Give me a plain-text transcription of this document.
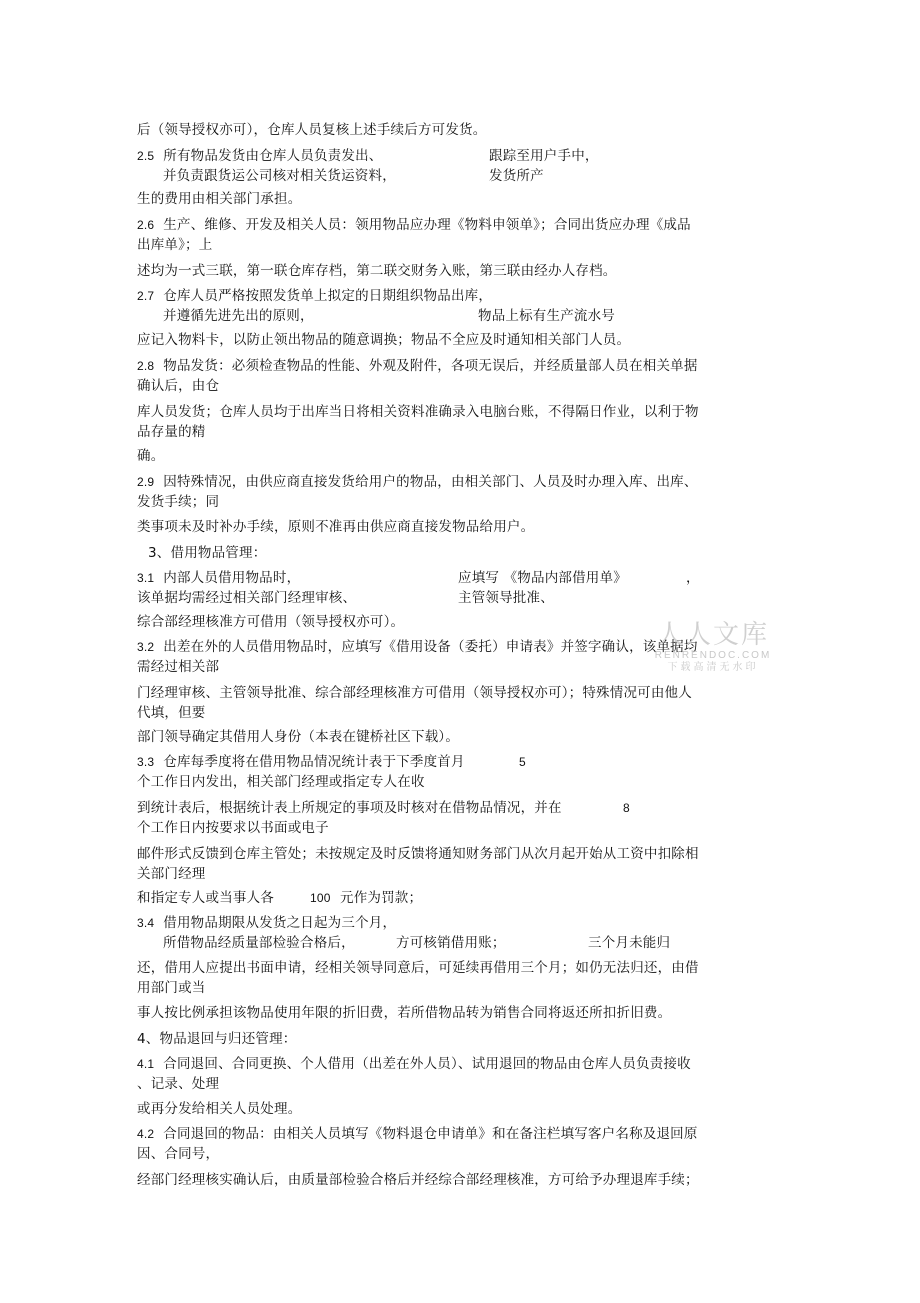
后（领导授权亦可），仓库人员复核上述手续后方可发货。
2.5 所有物品发货由仓库人员负责发出、	跟踪至用户手中，
并负责跟货运公司核对相关货运资料，	发货所产
生的费用由相关部门承担。
2.6 生产、维修、开发及相关人员：领用物品应办理《物料申领单》；合同出货应办理《成品
出库单》；上
述均为一式三联，第一联仓库存档，第二联交财务入账，第三联由经办人存档。
2.7 仓库人员严格按照发货单上拟定的日期组织物品出库，
并遵循先进先出的原则，	物品上标有生产流水号
应记入物料卡，以防止领出物品的随意调换；物品不全应及时通知相关部门人员。
2.8 物品发货：必须检查物品的性能、外观及附件，各项无误后，并经质量部人员在相关单据
确认后，由仓
库人员发货；仓库人员均于出库当日将相关资料准确录入电脑台账，不得隔日作业，以利于物
品存量的精
确。
2.9 因特殊情况，由供应商直接发货给用户的物品，由相关部门、人员及时办理入库、出库、
发货手续；同
类事项未及时补办手续，原则不准再由供应商直接发物品给用户。
3、借用物品管理：
3.1 内部人员借用物品时，	应填写 《物品内部借用单》	，
该单据均需经过相关部门经理审核、	主管领导批准、
综合部经理核准方可借用（领导授权亦可）。
3.2 出差在外的人员借用物品时，应填写《借用设备（委托）申请表》并签字确认，该单据均
需经过相关部
门经理审核、主管领导批准、综合部经理核准方可借用（领导授权亦可）；特殊情况可由他人
代填，但要
部门领导确定其借用人身份（本表在键桥社区下载）。
3.3 仓库每季度将在借用物品情况统计表于下季度首月	5
个工作日内发出，相关部门经理或指定专人在收
到统计表后，根据统计表上所规定的事项及时核对在借物品情况，并在	8
个工作日内按要求以书面或电子
邮件形式反馈到仓库主管处；未按规定及时反馈将通知财务部门从次月起开始从工资中扣除相
关部门经理
和指定专人或当事人各	100 元作为罚款；
3.4 借用物品期限从发货之日起为三个月，
所借物品经质量部检验合格后，	方可核销借用账；	三个月未能归
还，借用人应提出书面申请，经相关领导同意后，可延续再借用三个月；如仍无法归还，由借
用部门或当
事人按比例承担该物品使用年限的折旧费，若所借物品转为销售合同将返还所扣折旧费。
4、物品退回与归还管理：
4.1 合同退回、合同更换、个人借用（出差在外人员）、试用退回的物品由仓库人员负责接收
、记录、处理
或再分发给相关人员处理。
4.2 合同退回的物品：由相关人员填写《物料退仓申请单》和在备注栏填写客户名称及退回原
因、合同号，
经部门经理核实确认后，由质量部检验合格后并经综合部经理核准，方可给予办理退库手续；
人人文库
RENRENDOC.COM
下载高清无水印
